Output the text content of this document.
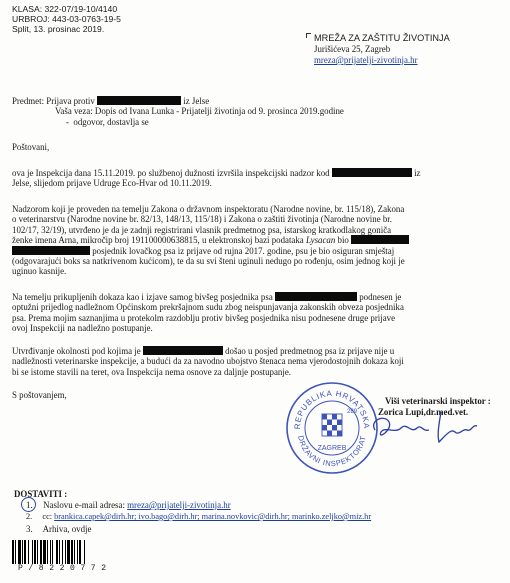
KLASA: 322-07/19-10/4140
URBROJ: 443-03-0763-19-5
Split, 13. prosinac 2019.
MREŽA ZA ZAŠTITU ŽIVOTINJA
Jurišićeva 25, Zagreb
mreza@prijatelji-zivotinja.hr
Predmet: Prijava protiv	iz Jelse
Vaša veza: Dopis od Ivana Lunka - Prijatelji životinja od 9. prosinca 2019.godine
-  odgovor, dostavlja se
Poštovani,
ova je Inspekcija dana 15.11.2019. po službenoj dužnosti izvršila inspekcijski nadzor kod	iz
Jelse, slijedom prijave Udruge Eco-Hvar od 10.11.2019.
Nadzorom koji je proveden na temelju Zakona o državnom inspektoratu (Narodne novine, br. 115/18), Zakona
o veterinarstvu (Narodne novine br. 82/13, 148/13, 115/18) i Zakona o zaštiti životinja (Narodne novine br.
102/17, 32/19), utvrđeno je da je zadnji registrirani vlasnik predmetnog psa, istarskog kratkodlakog goniča
ženke imena Arna, mikročip broj 191100000638815, u elektronskoj bazi podataka Lysacan bio
posjednik lovačkog psa iz prijave od rujna 2017. godine, psu je bio osiguran smještaj
(odgovarajući boks sa natkrivenom kućicom), te da su svi šteni uginuli nedugo po rođenju, osim jednog koji je
uginuo kasnije.
Na temelju prikupljenih dokaza kao i izjave samog bivšeg posjednika psa	podnesen je
optužni prijedlog nadležnom Općinskom prekršajnom sudu zbog neispunjavanja zakonskih obveza posjednika
psa. Prema mojim saznanjima u protekolm razdoblju protiv bivšeg posjednika nisu podnesene druge prijave
ovoj Inspekciji na nadležno postupanje.
Utvrđivanje okolnosti pod kojima je	došao u posjed predmetnog psa iz prijave nije u
nadležnosti veterinarske inspekcije, a budući da za navodno ubojstvo štenaca nema vjerodostojnih dokaza koji
bi se istome stavili na teret, ova Inspekcija nema osnove za daljnje postupanje.
S poštovanjem,
REPUBLIKA HRVATSKA
DRŽAVNI INSPEKTORAT
289
ZAGREB
Viši veterinarski inspektor :
Zorica Lupi,dr.med.vet.
DOSTAVITI :
1. Naslovu e-mail adresa: mreza@prijatelji-zivotinja.hr
2. cc: brankica.capek@dirh.hr; ivo.bago@dirh.hr; marina.novkovic@dirh.hr; marinko.zeljko@miz.hr
3. Arhiva, ovdje
P / 8 2 2 0 7 7 2
